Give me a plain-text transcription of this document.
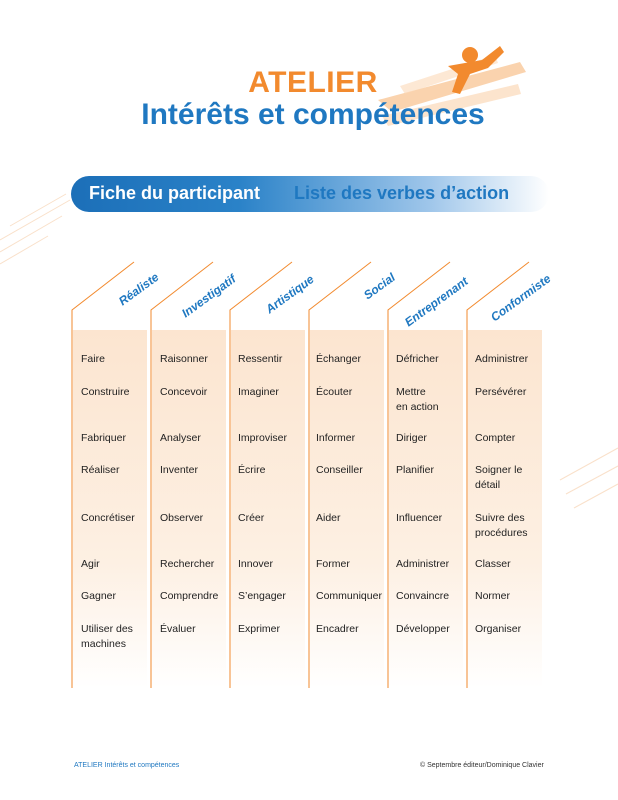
ATELIER
Intérêts et compétences
Fiche du participant Liste des verbes d’action
Réaliste Investigatif Artistique	Social Entreprenant Conformiste
Faire
Construire
Fabriquer
Réaliser
Concrétiser
Agir
Gagner
Utiliser des
machines
Raisonner
Concevoir
Analyser
Inventer
Observer
Rechercher
Comprendre
Évaluer
Ressentir
Imaginer
Improviser
Écrire
Créer
Innover
S’engager
Exprimer
Échanger
Écouter
Informer
Conseiller
Aider
Former
Communiquer
Encadrer
Défricher
Mettre
en action
Diriger
Planifier
Influencer
Administrer
Convaincre
Développer
Administrer
Persévérer
Compter
Soigner le
détail
Suivre des
procédures
Classer
Normer
Organiser
ATELIER Intérêts et compétences	© Septembre éditeur/Dominique Clavier
